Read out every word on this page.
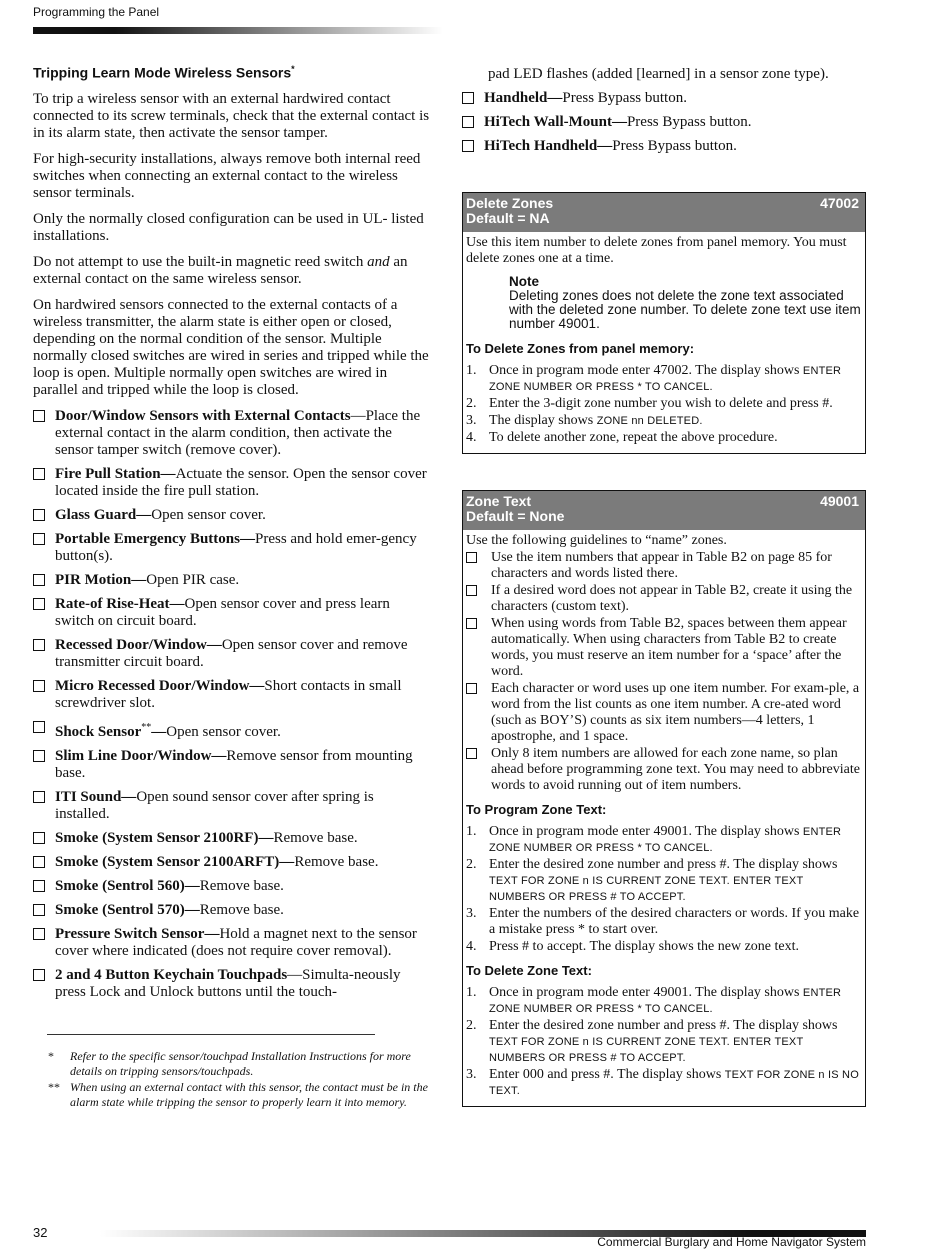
Programming the Panel
Tripping Learn Mode Wireless Sensors*

To trip a wireless sensor with an external hardwired contact connected to its screw terminals, check that the external contact is in its alarm state, then activate the sensor tamper.

For high-security installations, always remove both internal reed switches when connecting an external contact to the wireless sensor terminals.

Only the normally closed configuration can be used in UL- listed installations.

Do not attempt to use the built-in magnetic reed switch and an external contact on the same wireless sensor.

On hardwired sensors connected to the external contacts of a wireless transmitter, the alarm state is either open or closed, depending on the normal condition of the sensor. Multiple normally closed switches are wired in series and tripped while the loop is open. Multiple normally open switches are wired in parallel and tripped while the loop is closed.

Door/Window Sensors with External Contacts—Place the external contact in the alarm condition, then activate the sensor tamper switch (remove cover).
Fire Pull Station—Actuate the sensor. Open the sensor cover located inside the fire pull station.
Glass Guard—Open sensor cover.
Portable Emergency Buttons—Press and hold emer-gency button(s).
PIR Motion—Open PIR case.
Rate-of Rise-Heat—Open sensor cover and press learn switch on circuit board.
Recessed Door/Window—Open sensor cover and remove transmitter circuit board.
Micro Recessed Door/Window—Short contacts in small screwdriver slot.
Shock Sensor**—Open sensor cover.
Slim Line Door/Window—Remove sensor from mounting base.
ITI Sound—Open sound sensor cover after spring is installed.
Smoke (System Sensor 2100RF)—Remove base.
Smoke (System Sensor 2100ARFT)—Remove base.
Smoke (Sentrol 560)—Remove base.
Smoke (Sentrol 570)—Remove base.
Pressure Switch Sensor—Hold a magnet next to the sensor cover where indicated (does not require cover removal).
2 and 4 Button Keychain Touchpads—Simulta-neously press Lock and Unlock buttons until the touch-
*	Refer to the specific sensor/touchpad Installation Instructions for more details on tripping sensors/touchpads.
** When using an external contact with this sensor, the contact must be in the alarm state while tripping the sensor to properly learn it into memory.
pad LED flashes (added [learned] in a sensor zone type).
Handheld—Press Bypass button.
HiTech Wall-Mount—Press Bypass button.
HiTech Handheld—Press Bypass button.
Delete Zones
Default = NA
47002

Use this item number to delete zones from panel memory. You must delete zones one at a time.

Note
Deleting zones does not delete the zone text associated with the deleted zone number. To delete zone text use item number 49001.
To Delete Zones from panel memory:
1. Once in program mode enter 47002. The display shows ENTER ZONE NUMBER OR PRESS * TO CANCEL.
2. Enter the 3-digit zone number you wish to delete and press #.
3. The display shows ZONE nn DELETED.
4. To delete another zone, repeat the above procedure.
Zone Text
Default = None
49001

Use the following guidelines to “name” zones.

Use the item numbers that appear in Table B2 on page 85 for characters and words listed there.
If a desired word does not appear in Table B2, create it using the characters (custom text).
When using words from Table B2, spaces between them appear automatically. When using characters from Table B2 to create words, you must reserve an item number for a ‘space’ after the word.
Each character or word uses up one item number. For exam-ple, a word from the list counts as one item number. A cre-ated word (such as BOY’S) counts as six item numbers—4 letters, 1 apostrophe, and 1 space.
Only 8 item numbers are allowed for each zone name, so plan ahead before programming zone text. You may need to abbreviate words to avoid running out of item numbers.
To Program Zone Text:
1. Once in program mode enter 49001. The display shows ENTER ZONE NUMBER OR PRESS * TO CANCEL.
2. Enter the desired zone number and press #. The display shows TEXT FOR ZONE n IS CURRENT ZONE TEXT. ENTER TEXT NUMBERS OR PRESS # TO ACCEPT.
3. Enter the numbers of the desired characters or words. If you make a mistake press * to start over.
4. Press # to accept. The display shows the new zone text.
To Delete Zone Text:
1. Once in program mode enter 49001. The display shows ENTER ZONE NUMBER OR PRESS * TO CANCEL.
2. Enter the desired zone number and press #. The display shows TEXT FOR ZONE n IS CURRENT ZONE TEXT. ENTER TEXT NUMBERS OR PRESS # TO ACCEPT.
3. Enter 000 and press #. The display shows TEXT FOR ZONE n IS NO TEXT.
32
Commercial Burglary and Home Navigator System
